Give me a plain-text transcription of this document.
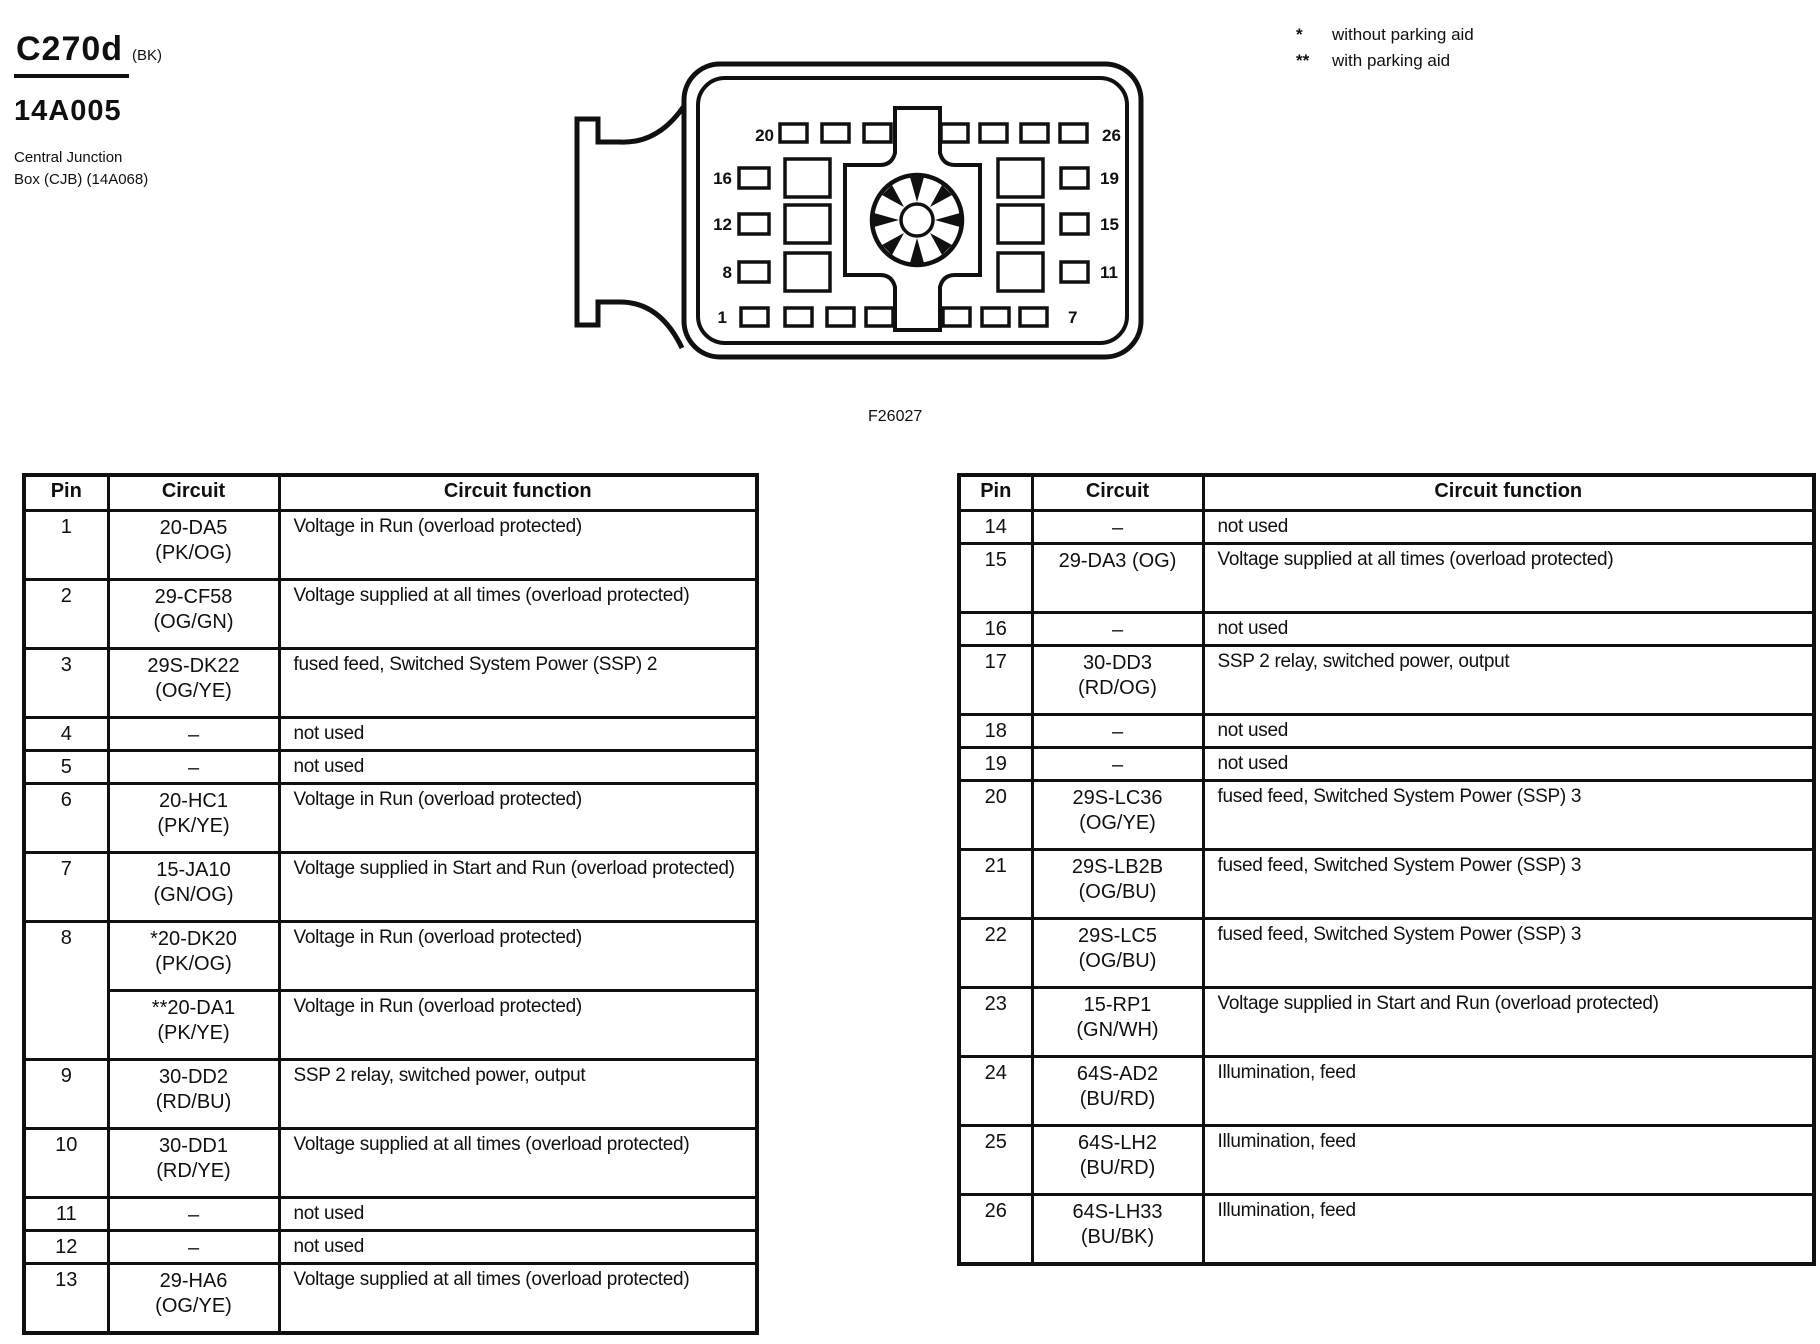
C270d (BK)
14A005
Central Junction
Box (CJB) (14A068)
*	without parking aid
**	with parking aid
20
16
12
8
1
26
19
15
11
7
F26027
Pin	Circuit	Circuit function
1	20-DA5
(PK/OG)	Voltage in Run (overload protected)
2	29-CF58
(OG/GN)	Voltage supplied at all times (overload protected)
3	29S-DK22
(OG/YE)	fused feed, Switched System Power (SSP) 2
4	–	not used
5	–	not used
6	20-HC1
(PK/YE)	Voltage in Run (overload protected)
7	15-JA10
(GN/OG)	Voltage supplied in Start and Run (overload protected)
8	*20-DK20
(PK/OG)	Voltage in Run (overload protected)

	**20-DA1
(PK/YE)	Voltage in Run (overload protected)
9	30-DD2
(RD/BU)	SSP 2 relay, switched power, output
10	30-DD1
(RD/YE)	Voltage supplied at all times (overload protected)
11	–	not used
12	–	not used
13	29-HA6
(OG/YE)	Voltage supplied at all times (overload protected)
Pin	Circuit	Circuit function
14	–	not used
15	29-DA3 (OG)	Voltage supplied at all times (overload protected)
16	–	not used
17	30-DD3
(RD/OG)	SSP 2 relay, switched power, output
18	–	not used
19	–	not used
20	29S-LC36
(OG/YE)	fused feed, Switched System Power (SSP) 3
21	29S-LB2B
(OG/BU)	fused feed, Switched System Power (SSP) 3
22	29S-LC5
(OG/BU)	fused feed, Switched System Power (SSP) 3
23	15-RP1
(GN/WH)	Voltage supplied in Start and Run (overload protected)
24	64S-AD2
(BU/RD)	Illumination, feed
25	64S-LH2
(BU/RD)	Illumination, feed
26	64S-LH33
(BU/BK)	Illumination, feed
